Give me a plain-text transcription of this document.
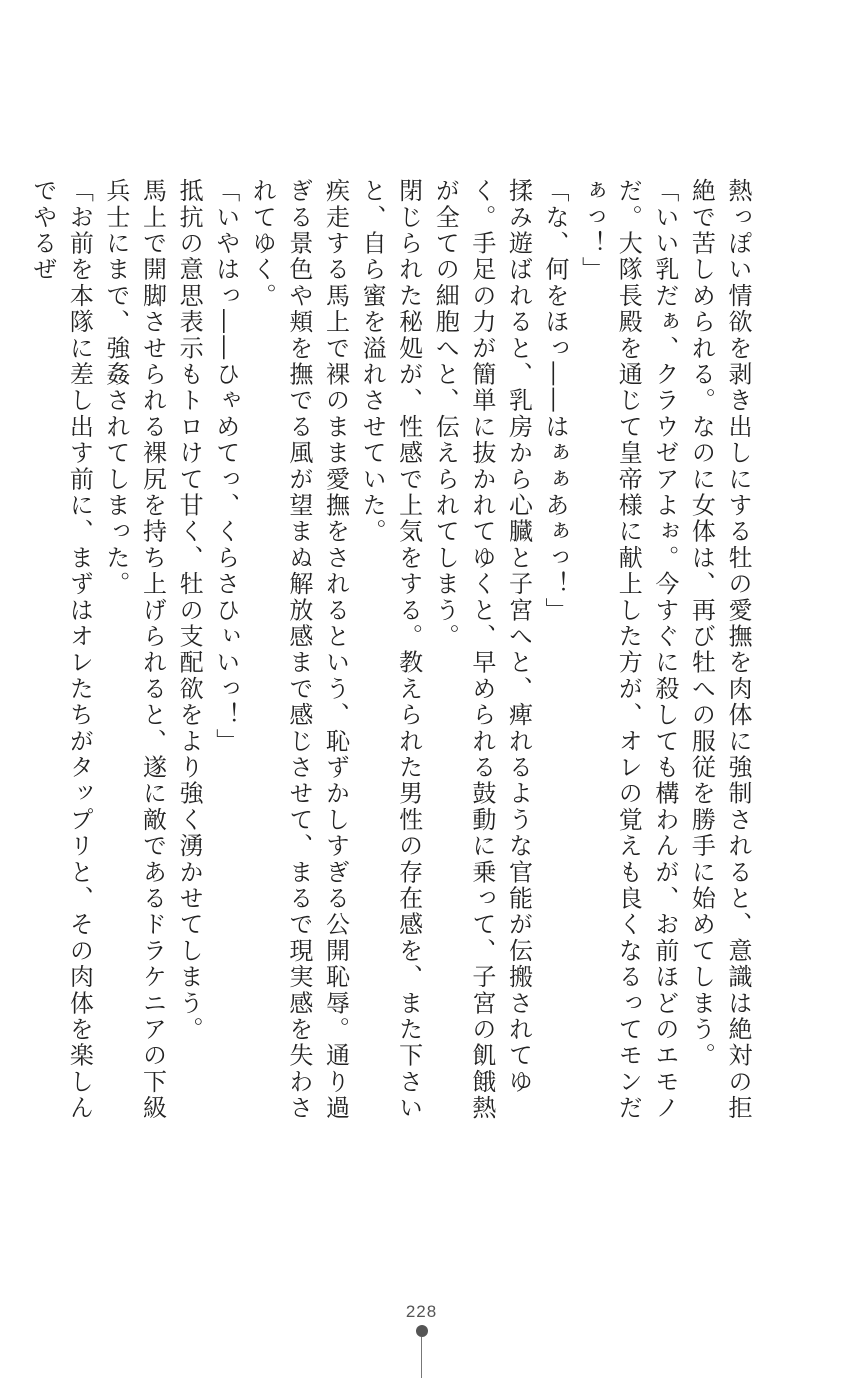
熱っぽい情欲を剥き出しにする牡の愛撫を肉体に強制されると、意識は絶対の拒絶で苦しめられる。なのに女体は、再び牡への服従を勝手に始めてしまう。

「いい乳だぁ、クラウゼアよぉ。今すぐに殺しても構わんが、お前ほどのエモノだ。大隊長殿を通じて皇帝様に献上した方が、オレの覚えも良くなるってモンだぁっ！」

「な、何をほっ――はぁぁあぁっ！」

揉み遊ばれると、乳房から心臓と子宮へと、痺れるような官能が伝搬されてゆく。手足の力が簡単に抜かれてゆくと、早められる鼓動に乗って、子宮の飢餓熱が全ての細胞へと、伝えられてしまう。

閉じられた秘処が、性感で上気をする。教えられた男性の存在感を、また下さいと、自ら蜜を溢れさせていた。

疾走する馬上で裸のまま愛撫をされるという、恥ずかしすぎる公開恥辱。通り過ぎる景色や頬を撫でる風が望まぬ解放感まで感じさせて、まるで現実感を失わされてゆく。

「いやはっ――ひゃめてっ、くらさひぃいっ！」

抵抗の意思表示もトロけて甘く、牡の支配欲をより強く湧かせてしまう。

馬上で開脚させられる裸尻を持ち上げられると、遂に敵であるドラケニアの下級兵士にまで、強姦されてしまった。

「お前を本隊に差し出す前に、まずはオレたちがタップリと、その肉体を楽しんでやるぜ

228
